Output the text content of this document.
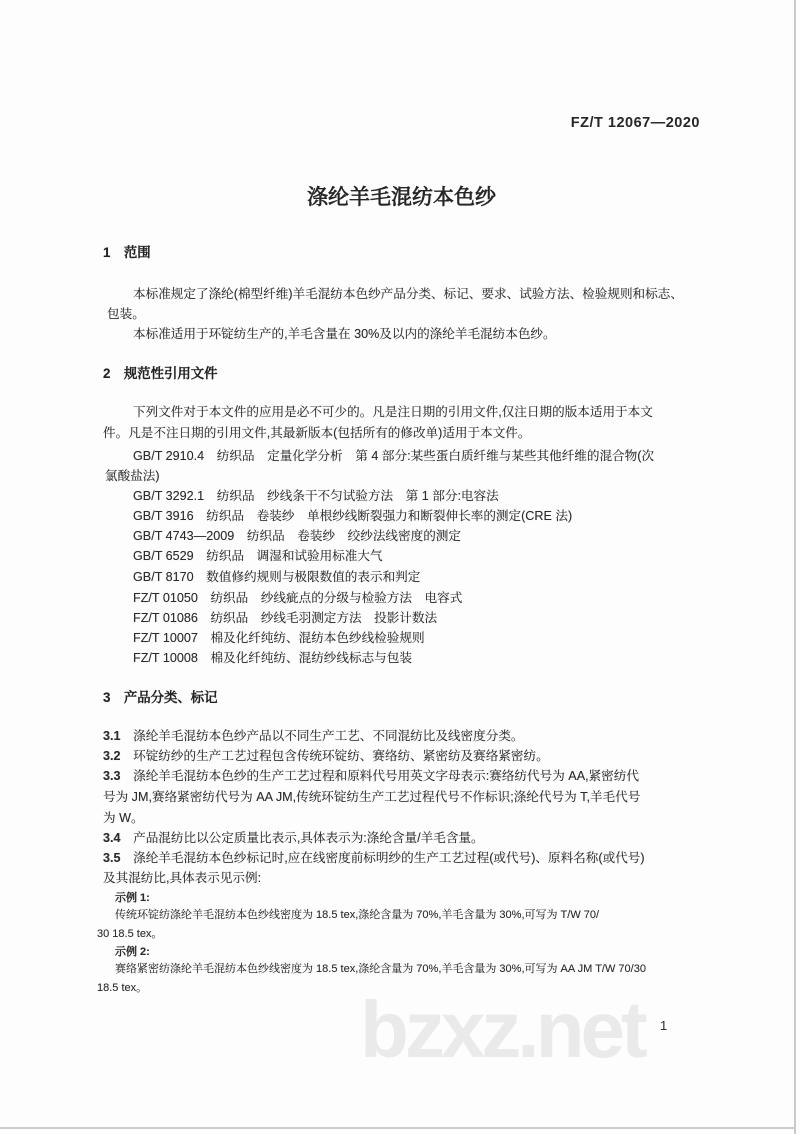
bzxz.net
FZ/T 12067—2020
涤纶羊毛混纺本色纱
1　范围
本标准规定了涤纶(棉型纤维)羊毛混纺本色纱产品分类、标记、要求、试验方法、检验规则和标志、
包装。
本标准适用于环锭纺生产的,羊毛含量在 30%及以内的涤纶羊毛混纺本色纱。
2　规范性引用文件
下列文件对于本文件的应用是必不可少的。凡是注日期的引用文件,仅注日期的版本适用于本文
件。凡是不注日期的引用文件,其最新版本(包括所有的修改单)适用于本文件。
GB/T 2910.4　纺织品　定量化学分析　第 4 部分:某些蛋白质纤维与某些其他纤维的混合物(次
氯酸盐法)
GB/T 3292.1　纺织品　纱线条干不匀试验方法　第 1 部分:电容法
GB/T 3916　纺织品　卷装纱　单根纱线断裂强力和断裂伸长率的测定(CRE 法)
GB/T 4743—2009　纺织品　卷装纱　绞纱法线密度的测定
GB/T 6529　纺织品　调湿和试验用标准大气
GB/T 8170　数值修约规则与极限数值的表示和判定
FZ/T 01050　纺织品　纱线疵点的分级与检验方法　电容式
FZ/T 01086　纺织品　纱线毛羽测定方法　投影计数法
FZ/T 10007　棉及化纤纯纺、混纺本色纱线检验规则
FZ/T 10008　棉及化纤纯纺、混纺纱线标志与包装
3　产品分类、标记
3.1　涤纶羊毛混纺本色纱产品以不同生产工艺、不同混纺比及线密度分类。
3.2　环锭纺纱的生产工艺过程包含传统环锭纺、赛络纺、紧密纺及赛络紧密纺。
3.3　涤纶羊毛混纺本色纱的生产工艺过程和原料代号用英文字母表示:赛络纺代号为 AA,紧密纺代
号为 JM,赛络紧密纺代号为 AA JM,传统环锭纺生产工艺过程代号不作标识;涤纶代号为 T,羊毛代号
为 W。
3.4　产品混纺比以公定质量比表示,具体表示为:涤纶含量/羊毛含量。
3.5　涤纶羊毛混纺本色纱标记时,应在线密度前标明纱的生产工艺过程(或代号)、原料名称(或代号)
及其混纺比,具体表示见示例:
示例 1:
传统环锭纺涤纶羊毛混纺本色纱线密度为 18.5 tex,涤纶含量为 70%,羊毛含量为 30%,可写为 T/W 70/
30 18.5 tex。
示例 2:
赛络紧密纺涤纶羊毛混纺本色纱线密度为 18.5 tex,涤纶含量为 70%,羊毛含量为 30%,可写为 AA JM T/W 70/30
18.5 tex。
1
